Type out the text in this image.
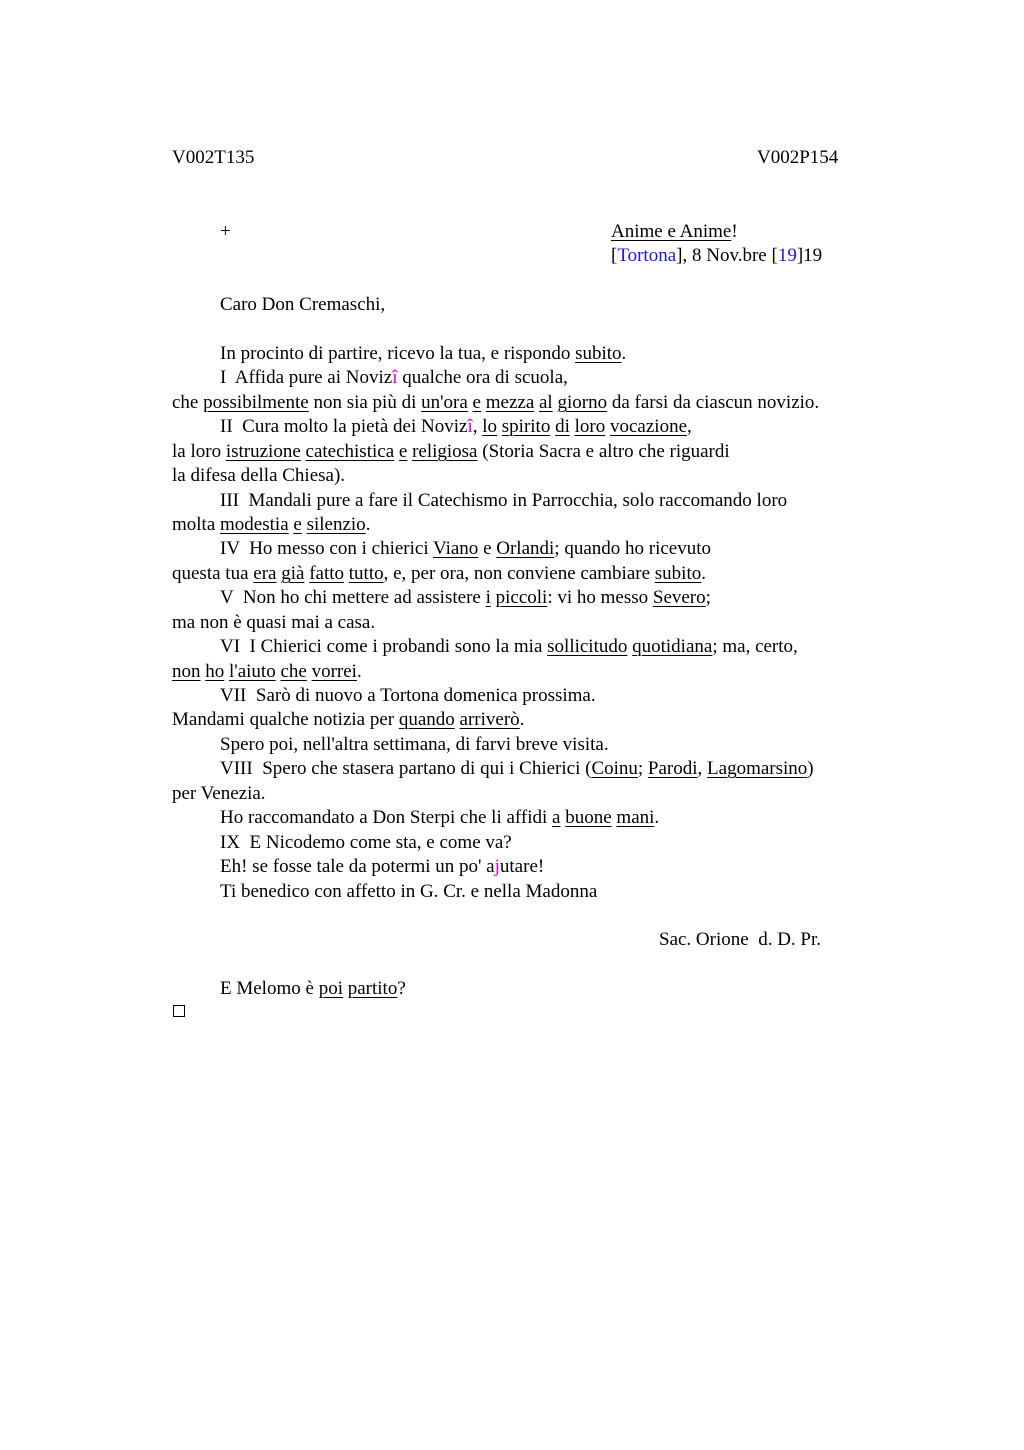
V002T135	V002P154
+	Anime e Anime!
[Tortona], 8 Nov.bre [19]19
Caro Don Cremaschi,
In procinto di partire, ricevo la tua, e rispondo subito.
I  Affida pure ai Novizî qualche ora di scuola,
che possibilmente non sia più di un'ora e mezza al giorno da farsi da ciascun novizio.
II  Cura molto la pietà dei Novizî, lo spirito di loro vocazione,
la loro istruzione catechistica e religiosa (Storia Sacra e altro che riguardi
la difesa della Chiesa).
III  Mandali pure a fare il Catechismo in Parrocchia, solo raccomando loro
molta modestia e silenzio.
IV  Ho messo con i chierici Viano e Orlandi; quando ho ricevuto
questa tua era già fatto tutto, e, per ora, non conviene cambiare subito.
V  Non ho chi mettere ad assistere i piccoli: vi ho messo Severo;
ma non è quasi mai a casa.
VI  I Chierici come i probandi sono la mia sollicitudo quotidiana; ma, certo,
non ho l'aiuto che vorrei.
VII  Sarò di nuovo a Tortona domenica prossima.
Mandami qualche notizia per quando arriverò.
Spero poi, nell'altra settimana, di farvi breve visita.
VIII  Spero che stasera partano di qui i Chierici (Coinu; Parodi, Lagomarsino)
per Venezia.
Ho raccomandato a Don Sterpi che li affidi a buone mani.
IX  E Nicodemo come sta, e come va?
Eh! se fosse tale da potermi un po' ajutare!
Ti benedico con affetto in G. Cr. e nella Madonna
Sac. Orione  d. D. Pr.
E Melomo è poi partito?
